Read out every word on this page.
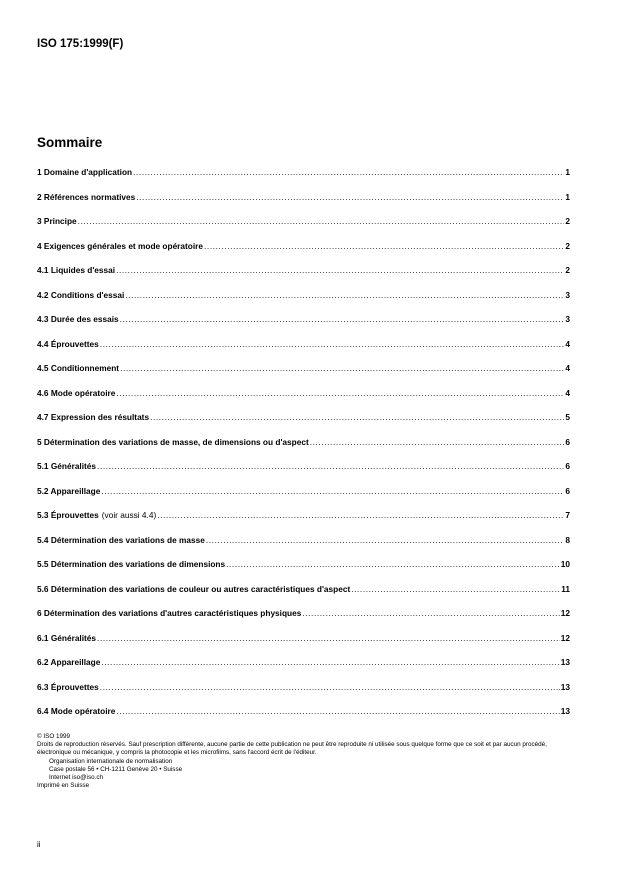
ISO 175:1999(F)
Sommaire
1 Domaine d'application .....	1
2 Références normatives .....	1
3 Principe .....	2
4 Exigences générales et mode opératoire .....	2
4.1 Liquides d'essai .....	2
4.2 Conditions d'essai .....	3
4.3 Durée des essais .....	3
4.4 Éprouvettes .....	4
4.5 Conditionnement .....	4
4.6 Mode opératoire .....	4
4.7 Expression des résultats .....	5
5 Détermination des variations de masse, de dimensions ou d'aspect .....	6
5.1 Généralités .....	6
5.2 Appareillage .....	6
5.3 Éprouvettes (voir aussi 4.4) .....	7
5.4 Détermination des variations de masse .....	8
5.5 Détermination des variations de dimensions .....	10
5.6 Détermination des variations de couleur ou autres caractéristiques d'aspect .....	11
6 Détermination des variations d'autres caractéristiques physiques .....	12
6.1 Généralités .....	12
6.2 Appareillage .....	13
6.3 Éprouvettes .....	13
6.4 Mode opératoire .....	13

© ISO 1999

Droits de reproduction réservés. Sauf prescription différente, aucune partie de cette publication ne peut être reproduite ni utilisée sous quelque forme que ce soit et par aucun procédé, électronique ou mécanique, y compris la photocopie et les microfilms, sans l'accord écrit de l'éditeur.

Organisation internationale de normalisation

Case postale 56 • CH-1211 Genève 20 • Suisse

Internet iso@iso.ch

Imprimé en Suisse

ii
